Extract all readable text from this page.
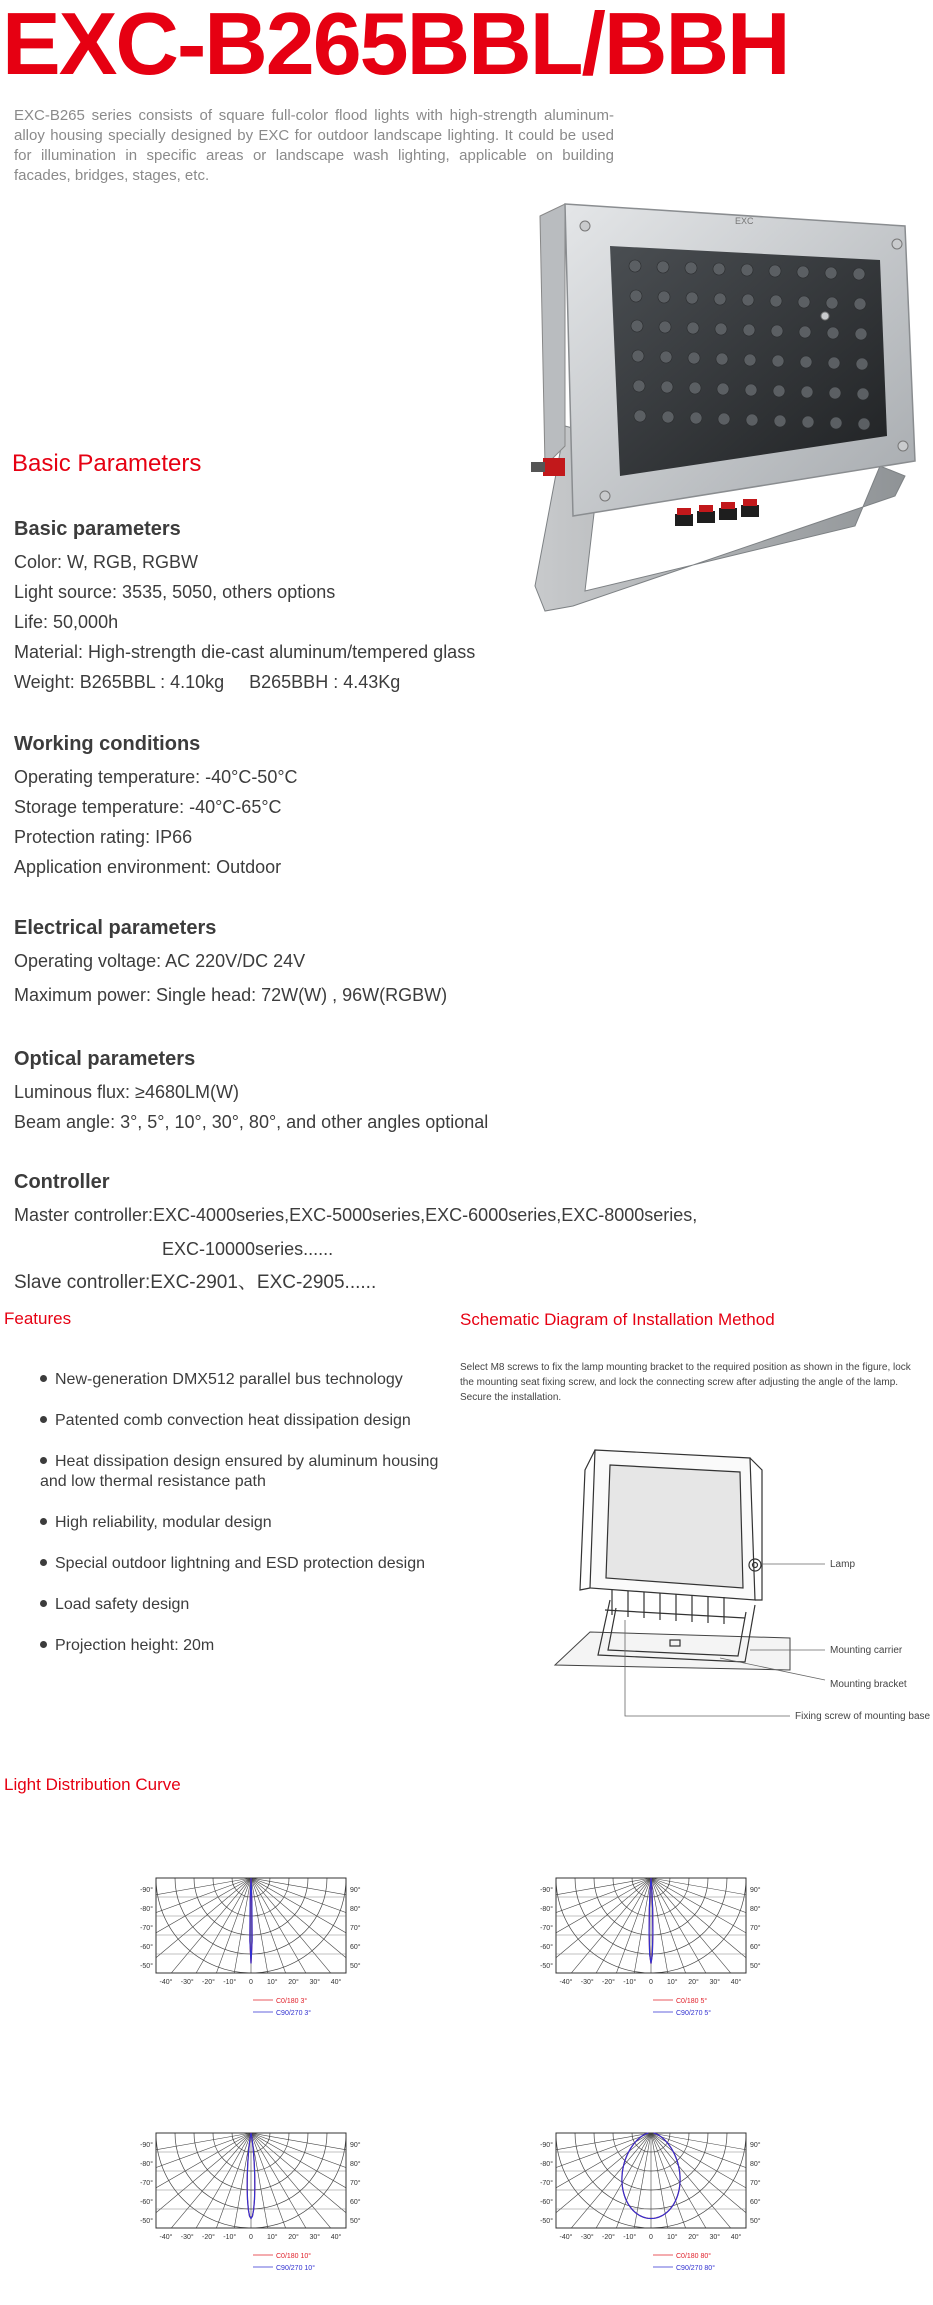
EXC-B265BBL/BBH
EXC-B265 series consists of square full-color flood lights with high-strength aluminum-alloy housing specially designed by EXC for outdoor landscape lighting. It could be used for illumination in specific areas or landscape wash lighting, applicable on building facades, bridges, stages, etc.
EXC
Basic Parameters
Basic parameters
Color: W, RGB, RGBW
Light source: 3535, 5050, others options
Life: 50,000h
Material: High-strength die-cast aluminum/tempered glass
Weight: B265BBL : 4.10kg     B265BBH : 4.43Kg
Working conditions
Operating temperature: -40°C-50°C
Storage temperature: -40°C-65°C
Protection rating: IP66
Application environment: Outdoor
Electrical parameters
Operating voltage: AC 220V/DC 24V
Maximum power: Single head: 72W(W) , 96W(RGBW)
Optical parameters
Luminous flux: ≥4680LM(W)
Beam angle: 3°, 5°, 10°, 30°, 80°, and other angles optional
Controller
Master controller:EXC-4000series,EXC-5000series,EXC-6000series,EXC-8000series,
EXC-10000series......
Slave controller:EXC-2901、EXC-2905......
Features
New-generation DMX512 parallel bus technology
Patented comb convection heat dissipation design
Heat dissipation design ensured by aluminum housing and low thermal resistance path
High reliability, modular design
Special outdoor lightning and ESD protection design
Load safety design
Projection height: 20m
Schematic Diagram of Installation Method
Select M8 screws to fix the lamp mounting bracket to the required position as shown in the figure, lock the mounting seat fixing screw, and lock the connecting screw after adjusting the angle of the lamp. Secure the installation.
Lamp
Mounting carrier
Mounting bracket
Fixing screw of mounting base
Light Distribution Curve
-90°
-80°
-70°
-60°
-50°
90°
80°
70°
60°
50°
-40° -30° -20° -10° 0 10° 20° 30° 40°
C0/180 3°
C90/270 3°
-90°
-80°
-70°
-60°
-50°
90°
80°
70°
60°
50°
-40° -30° -20° -10° 0 10° 20° 30° 40°
C0/180 5°
C90/270 5°
-90°
-80°
-70°
-60°
-50°
90°
80°
70°
60°
50°
-40° -30° -20° -10° 0 10° 20° 30° 40°
C0/180 10°
C90/270 10°
-90°
-80°
-70°
-60°
-50°
90°
80°
70°
60°
50°
-40° -30° -20° -10° 0 10° 20° 30° 40°
C0/180 80°
C90/270 80°
